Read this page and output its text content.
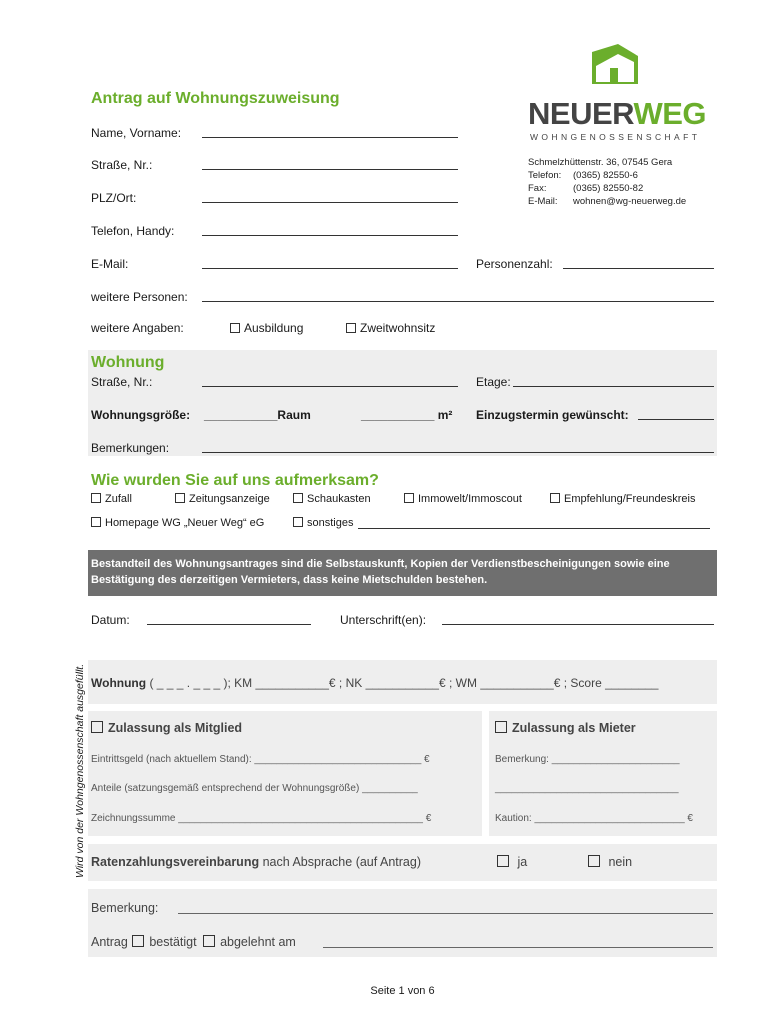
NEUERWEG
WOHNGENOSSENSCHAFT
Schmelzhüttenstr. 36, 07545 Gera
Telefon: (0365) 82550-6
Fax:	(0365) 82550-82
E-Mail: wohnen@wg-neuerweg.de
Antrag auf Wohnungszuweisung
Name, Vorname:
Straße, Nr.:
PLZ/Ort:
Telefon, Handy:
E-Mail:	Personenzahl:
weitere Personen:
weitere Angaben:	Ausbildung	Zweitwohnsitz
Wohnung
Straße, Nr.:	Etage:
Wohnungsgröße: ___________Raum	___________ m² Einzugstermin gewünscht:
Bemerkungen:
Wie wurden Sie auf uns aufmerksam?
Zufall	Zeitungsanzeige	Schaukasten	Immowelt/Immoscout	Empfehlung/Freundeskreis
Homepage WG „Neuer Weg“ eG	sonstiges
Bestandteil des Wohnungsantrages sind die Selbstauskunft, Kopien der Verdienstbescheinigungen sowie eine Bestätigung des derzeitigen Vermieters, dass keine Mietschulden bestehen.
Datum:	Unterschrift(en):
Wird von der Wohngenossenschaft ausgefüllt. Wohnung ( _ _ _ . _ _ _ ); KM ___________€ ; NK ___________€ ; WM ___________€ ; Score ________
Zulassung als Mitglied	Zulassung als Mieter
Eintrittsgeld (nach aktuellem Stand): ______________________________ €	Bemerkung: _______________________
Anteile (satzungsgemäß entsprechend der Wohnungsgröße) __________	_________________________________
Zeichnungssumme ____________________________________________ €	Kaution: ___________________________ €
Ratenzahlungsvereinbarung nach Absprache (auf Antrag)	ja	nein
Bemerkung:
Antrag bestätigt abgelehnt am
Seite 1 von 6
